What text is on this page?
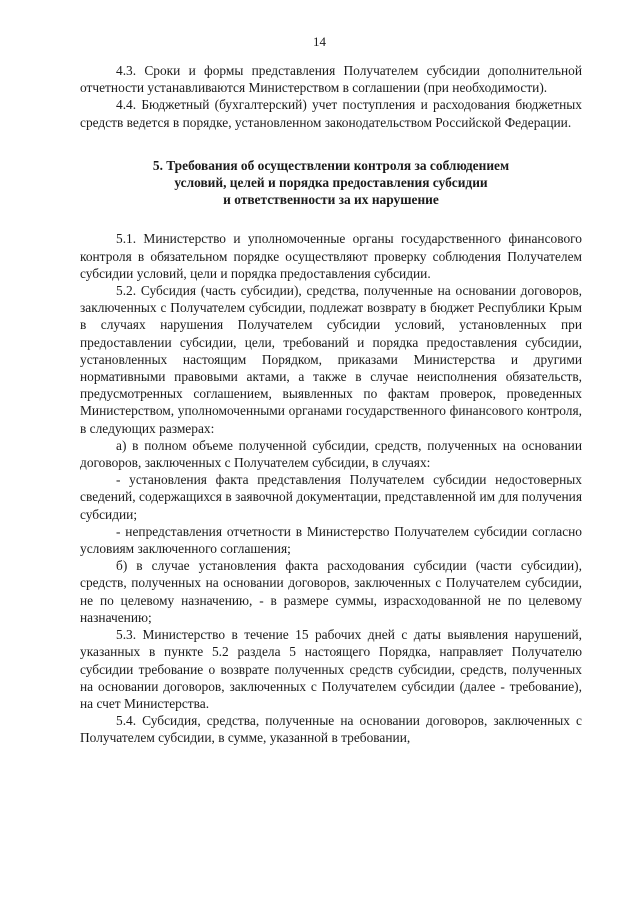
14

4.3. Сроки и формы представления Получателем субсидии дополнительной отчетности устанавливаются Министерством в соглашении (при необходимости).

4.4. Бюджетный (бухгалтерский) учет поступления и расходования бюджетных средств ведется в порядке, установленном законодательством Российской Федерации.

5. Требования об осуществлении контроля за соблюдением
условий, целей и порядка предоставления субсидии
и ответственности за их нарушение

5.1. Министерство и уполномоченные органы государственного финансового контроля в обязательном порядке осуществляют проверку соблюдения Получателем субсидии условий, цели и порядка предоставления субсидии.

5.2. Субсидия (часть субсидии), средства, полученные на основании договоров, заключенных с Получателем субсидии, подлежат возврату в бюджет Республики Крым в случаях нарушения Получателем субсидии условий, установленных при предоставлении субсидии, цели, требований и порядка предоставления субсидии, установленных настоящим Порядком, приказами Министерства и другими нормативными правовыми актами, а также в случае неисполнения обязательств, предусмотренных соглашением, выявленных по фактам проверок, проведенных Министерством, уполномоченными органами государственного финансового контроля, в следующих размерах:

а) в полном объеме полученной субсидии, средств, полученных на основании договоров, заключенных с Получателем субсидии, в случаях:

- установления факта представления Получателем субсидии недостоверных сведений, содержащихся в заявочной документации, представленной им для получения субсидии;

- непредставления отчетности в Министерство Получателем субсидии согласно условиям заключенного соглашения;

б) в случае установления факта расходования субсидии (части субсидии), средств, полученных на основании договоров, заключенных с Получателем субсидии, не по целевому назначению, - в размере суммы, израсходованной не по целевому назначению;

5.3. Министерство в течение 15 рабочих дней с даты выявления нарушений, указанных в пункте 5.2 раздела 5 настоящего Порядка, направляет Получателю субсидии требование о возврате полученных средств субсидии, средств, полученных на основании договоров, заключенных с Получателем субсидии (далее - требование), на счет Министерства.

5.4. Субсидия, средства, полученные на основании договоров, заключенных с Получателем субсидии, в сумме, указанной в требовании,
